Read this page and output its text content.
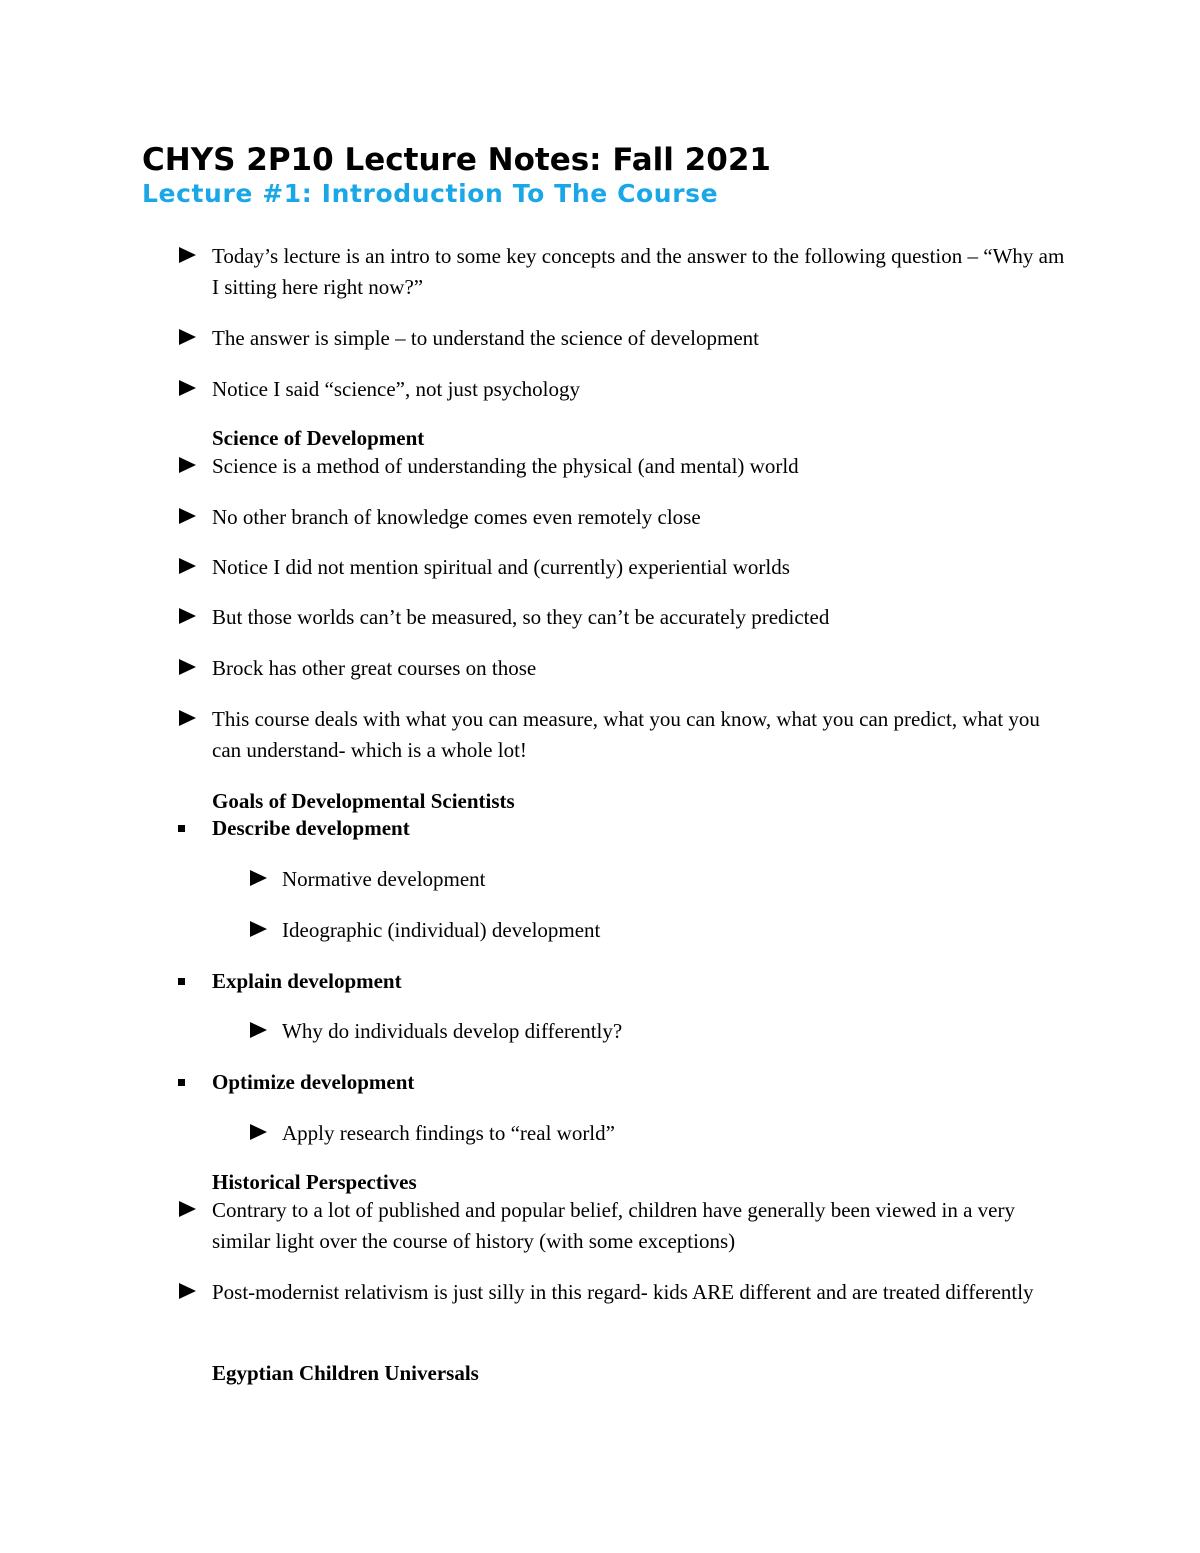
CHYS 2P10 Lecture Notes: Fall 2021
Lecture #1: Introduction To The Course
Today’s lecture is an intro to some key concepts and the answer to the following question – “Why am I sitting here right now?”
The answer is simple – to understand the science of development
Notice I said “science”, not just psychology
Science of Development
Science is a method of understanding the physical (and mental) world
No other branch of knowledge comes even remotely close
Notice I did not mention spiritual and (currently) experiential worlds
But those worlds can’t be measured, so they can’t be accurately predicted
Brock has other great courses on those
This course deals with what you can measure, what you can know, what you can predict, what you can understand- which is a whole lot!
Goals of Developmental Scientists
Describe development
Normative development
Ideographic (individual) development
Explain development
Why do individuals develop differently?
Optimize development
Apply research findings to “real world”
Historical Perspectives
Contrary to a lot of published and popular belief, children have generally been viewed in a very similar light over the course of history (with some exceptions)
Post-modernist relativism is just silly in this regard- kids ARE different and are treated differently
Egyptian Children Universals
